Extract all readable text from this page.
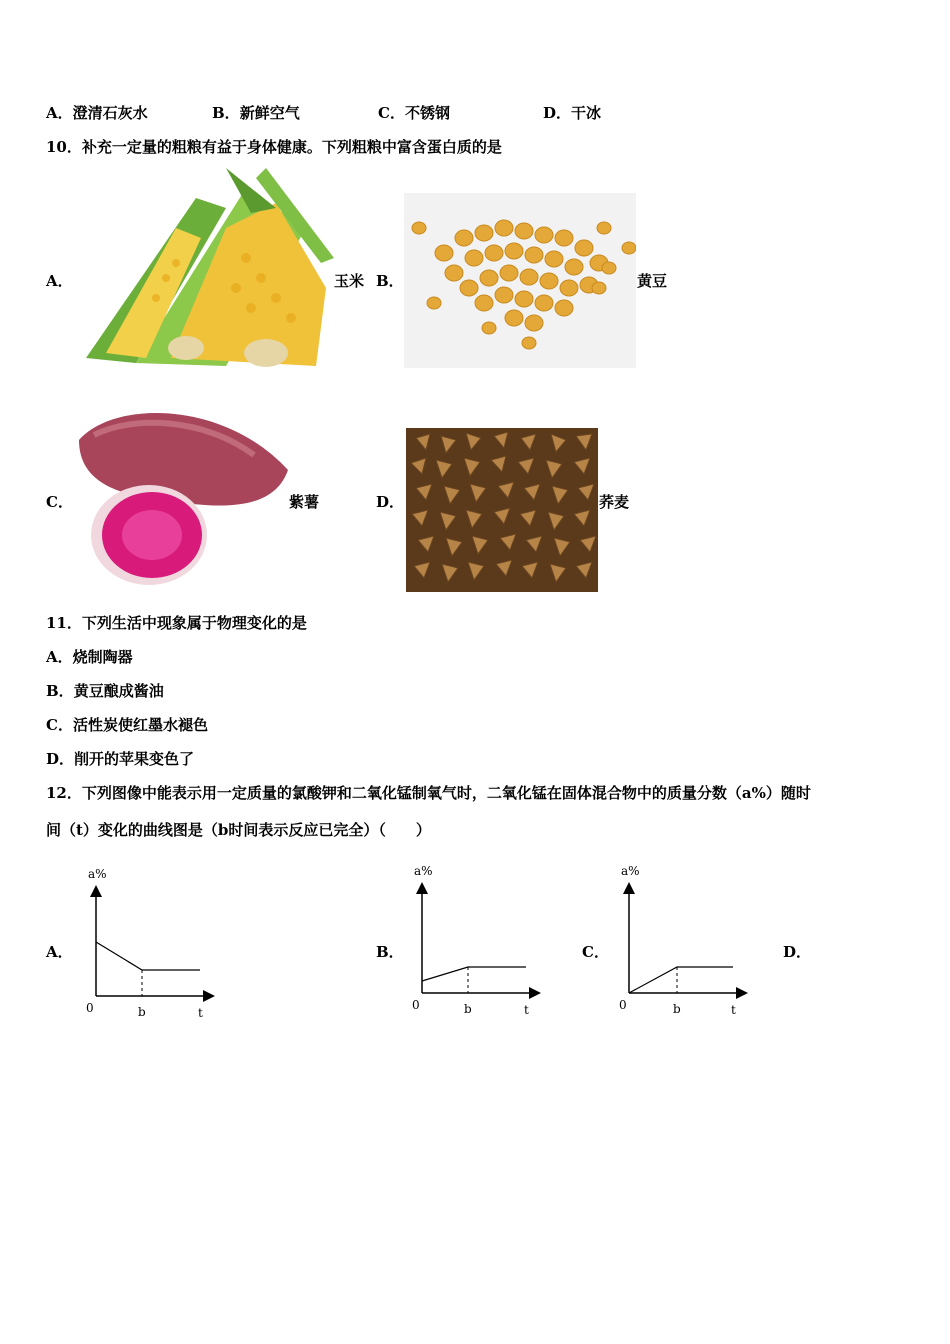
A．澄清石灰水	B．新鲜空气	C．不锈钢	D．干冰
10．补充一定量的粗粮有益于身体健康。下列粗粮中富含蛋白质的是
A．	玉米 B．	黄豆
C．	紫薯	D．	荞麦
11．下列生活中现象属于物理变化的是
A．烧制陶器
B．黄豆酿成酱油
C．活性炭使红墨水褪色
D．削开的苹果变色了
12．下列图像中能表示用一定质量的氯酸钾和二氧化锰制氧气时，二氧化锰在固体混合物中的质量分数（a%）随时
间（t）变化的曲线图是（b时间表示反应已完全）（　　）
A．
a%
0	b	t
B．
a%
0	b	t
C．
a%
0	b	t
D．
